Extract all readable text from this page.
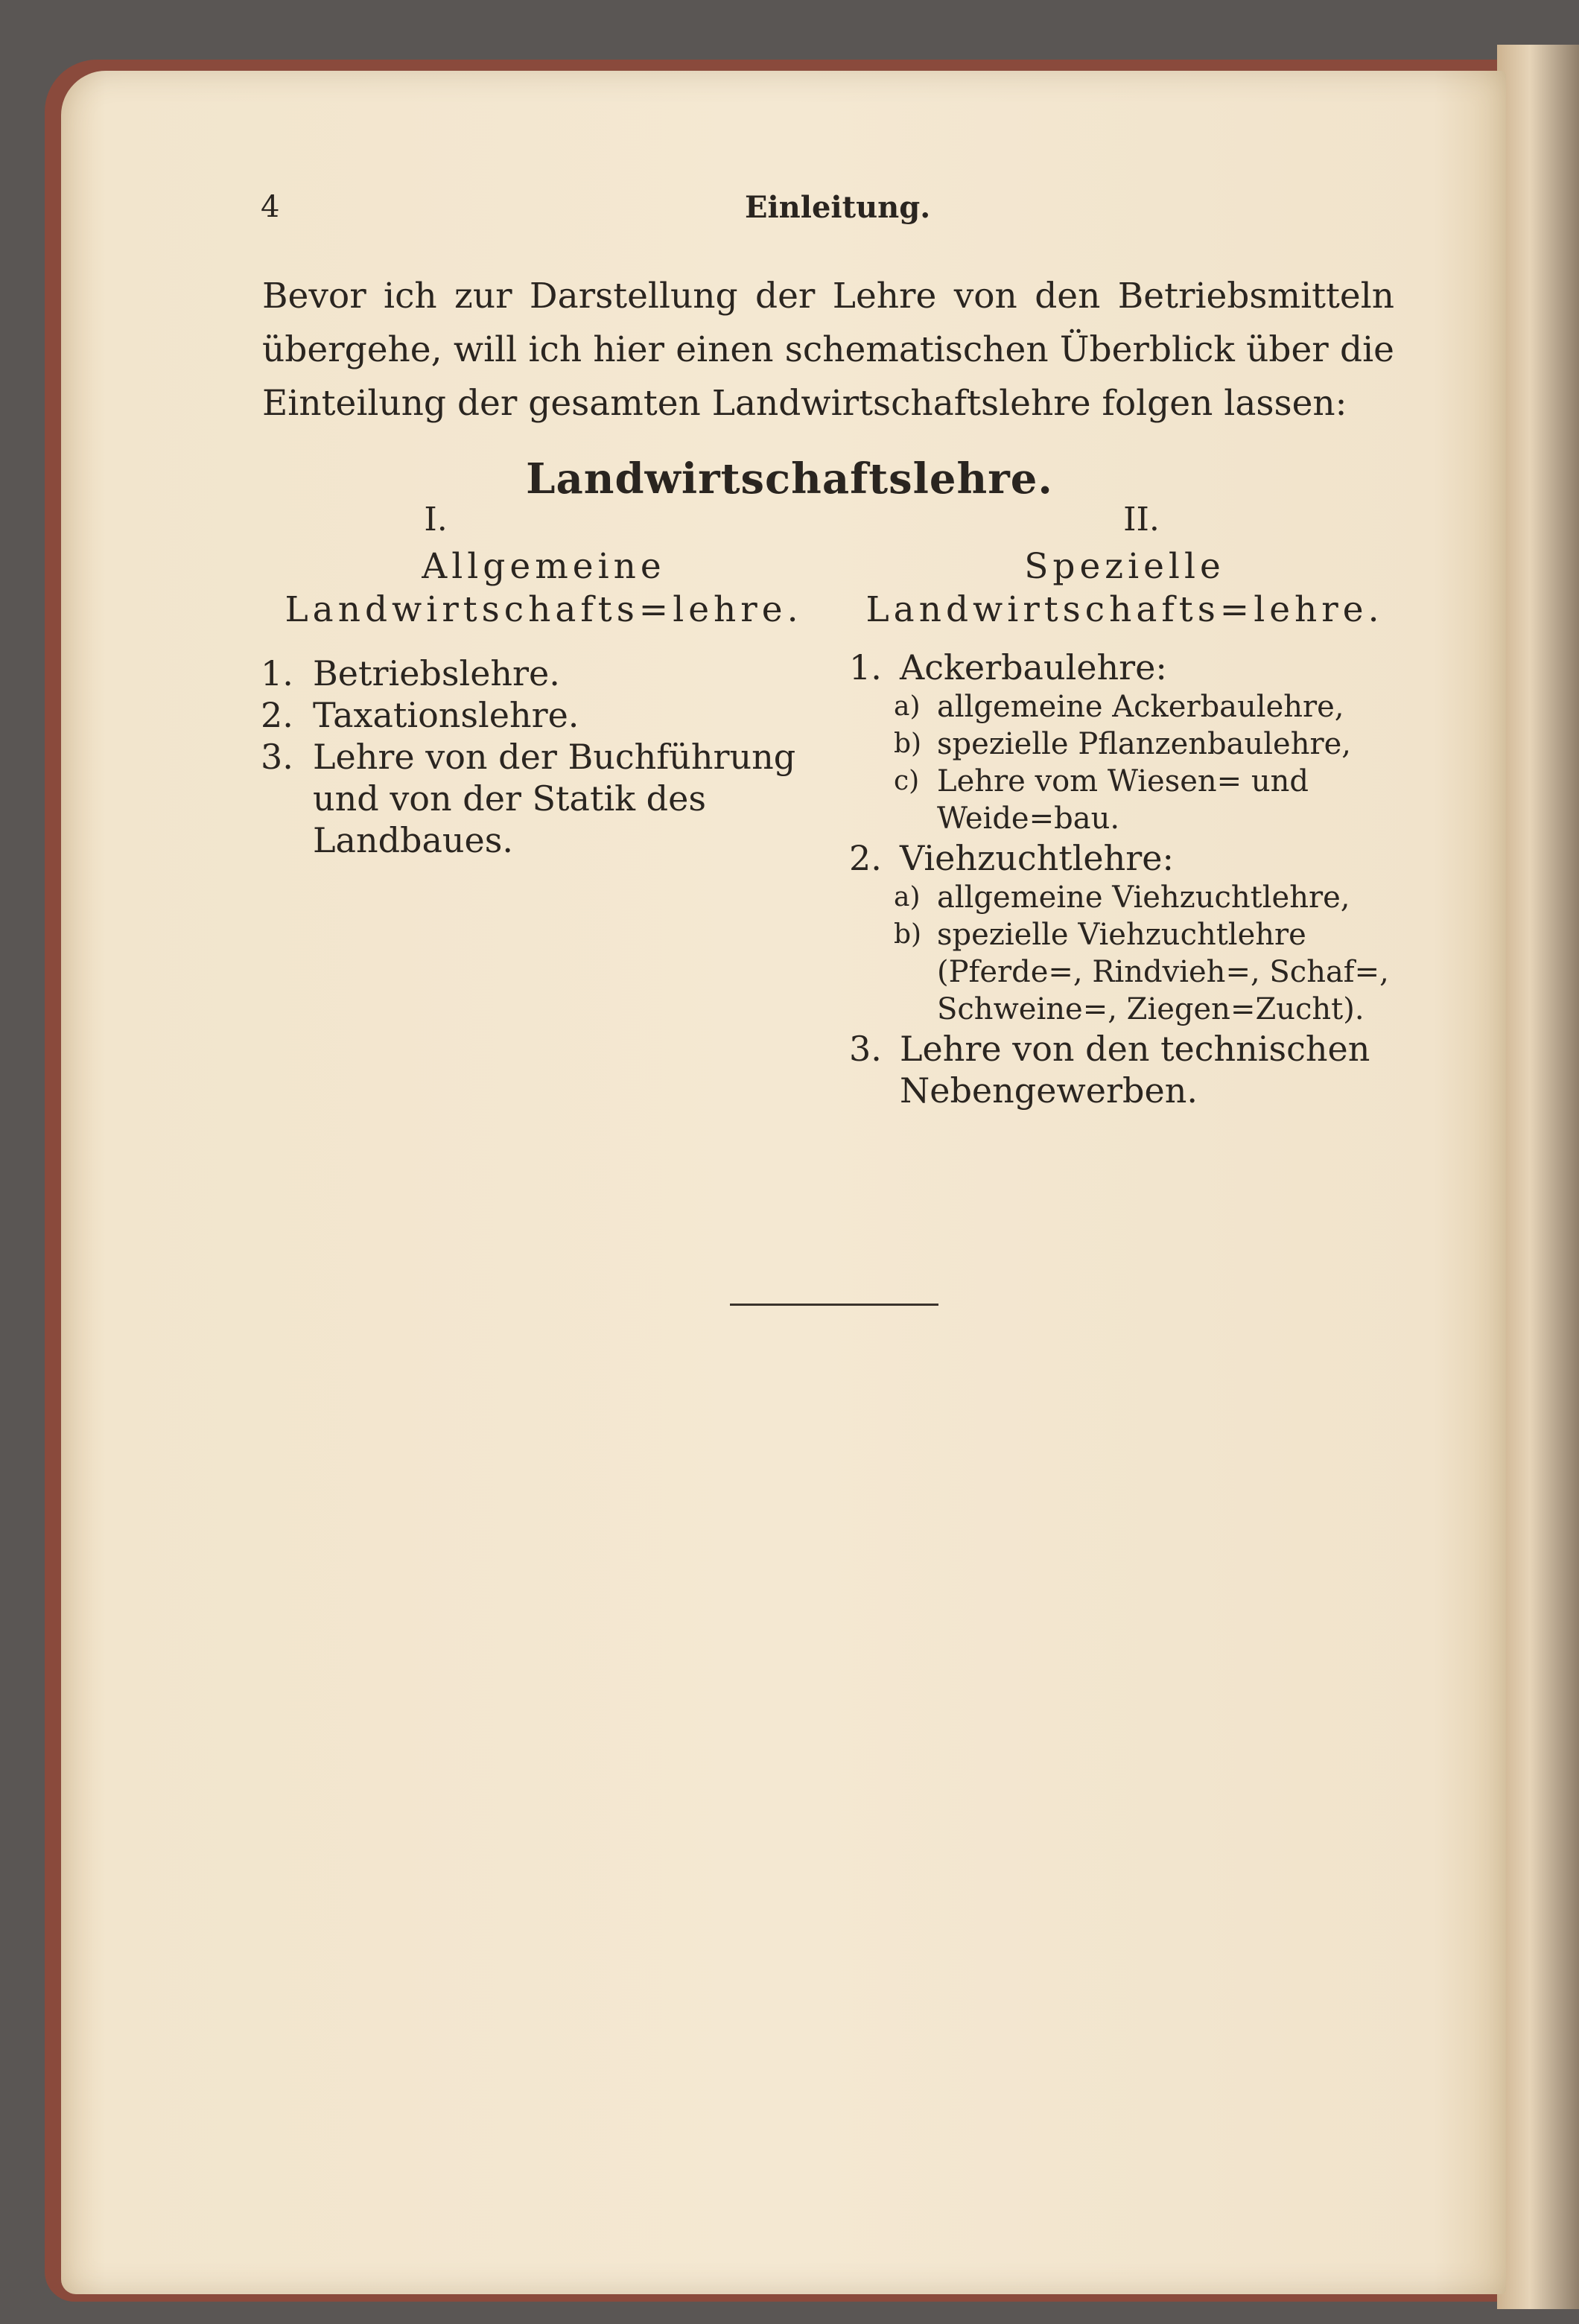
4	Einleitung.
Bevor ich zur Darstellung der Lehre von den Betriebsmitteln übergehe, will ich hier einen schematischen Überblick über die Einteilung der gesamten Landwirtschaftslehre folgen lassen:
Landwirtschaftslehre.
I.
Allgemeine Landwirtschafts=lehre.
1. Betriebslehre.
2. Taxationslehre.
3. Lehre von der Buchführung und von der Statik des Landbaues.
II.
Spezielle Landwirtschafts=lehre.
1. Ackerbaulehre:
a) allgemeine Ackerbaulehre,
b) spezielle Pflanzenbaulehre,
c) Lehre vom Wiesen= und Weide=bau.
2. Viehzuchtlehre:
a) allgemeine Viehzuchtlehre,
b) spezielle Viehzuchtlehre (Pferde=, Rindvieh=, Schaf=, Schweine=, Ziegen=Zucht).
3. Lehre von den technischen Nebengewerben.
